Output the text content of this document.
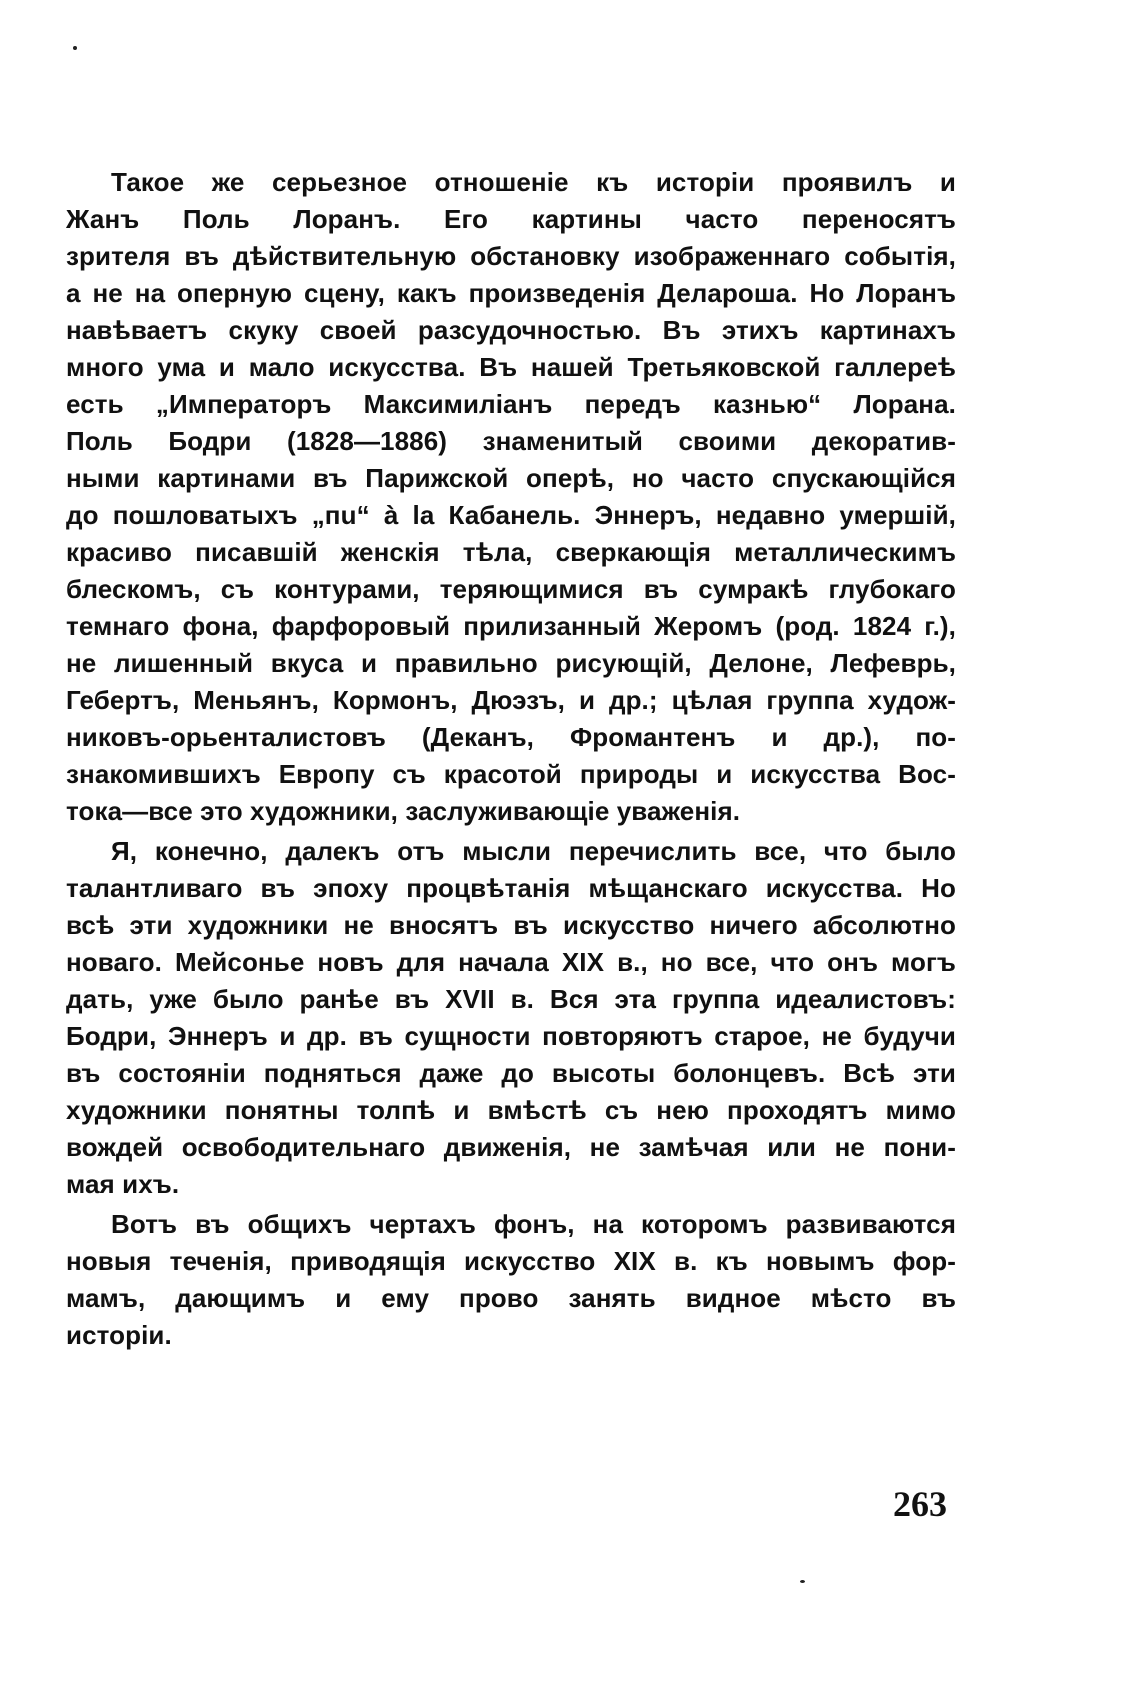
Такое же серьезное отношеніе къ исторіи проявилъ и
Жанъ Поль Лоранъ. Его картины часто переносятъ
зрителя въ дѣйствительную обстановку изображеннаго событія,
а не на оперную сцену, какъ произведенія Делароша. Но Лоранъ
навѣваетъ скуку своей разсудочностью. Въ этихъ картинахъ
много ума и мало искусства. Въ нашей Третьяковской галлереѣ
есть „Императоръ Максимиліанъ передъ казнью“ Лорана.
Поль Бодри (1828—1886) знаменитый своими декоратив-
ными картинами въ Парижской оперѣ, но часто спускающійся
до пошловатыхъ „пu“ à la Кабанель. Эннеръ, недавно умершій,
красиво писавшій женскія тѣла, сверкающія металлическимъ
блескомъ, съ контурами, теряющимися въ сумракѣ глубокаго
темнаго фона, фарфоровый прилизанный Жеромъ (род. 1824 г.),
не лишенный вкуса и правильно рисующій, Делоне, Лефеврь,
Гебертъ, Меньянъ, Кормонъ, Дюэзъ, и др.; цѣлая группа худож-
никовъ-орьенталистовъ (Деканъ, Фромантенъ и др.), по-
знакомившихъ Европу съ красотой природы и искусства Вос-
тока—все это художники, заслуживающіе уваженія.
Я, конечно, далекъ отъ мысли перечислить все, что было
талантливаго въ эпоху процвѣтанія мѣщанскаго искусства. Но
всѣ эти художники не вносятъ въ искусство ничего абсолютно
новаго. Мейсонье новъ для начала XIX в., но все, что онъ могъ
дать, уже было ранѣе въ XVII в. Вся эта группа идеалистовъ:
Бодри, Эннеръ и др. въ сущности повторяютъ старое, не будучи
въ состояніи подняться даже до высоты болонцевъ. Всѣ эти
художники понятны толпѣ и вмѣстѣ съ нею проходятъ мимо
вождей освободительнаго движенія, не замѣчая или не пони-
мая ихъ.
Вотъ въ общихъ чертахъ фонъ, на которомъ развиваются
новыя теченія, приводящія искусство XIX в. къ новымъ фор-
мамъ, дающимъ и ему прово занять видное мѣсто въ
исторіи.
263
